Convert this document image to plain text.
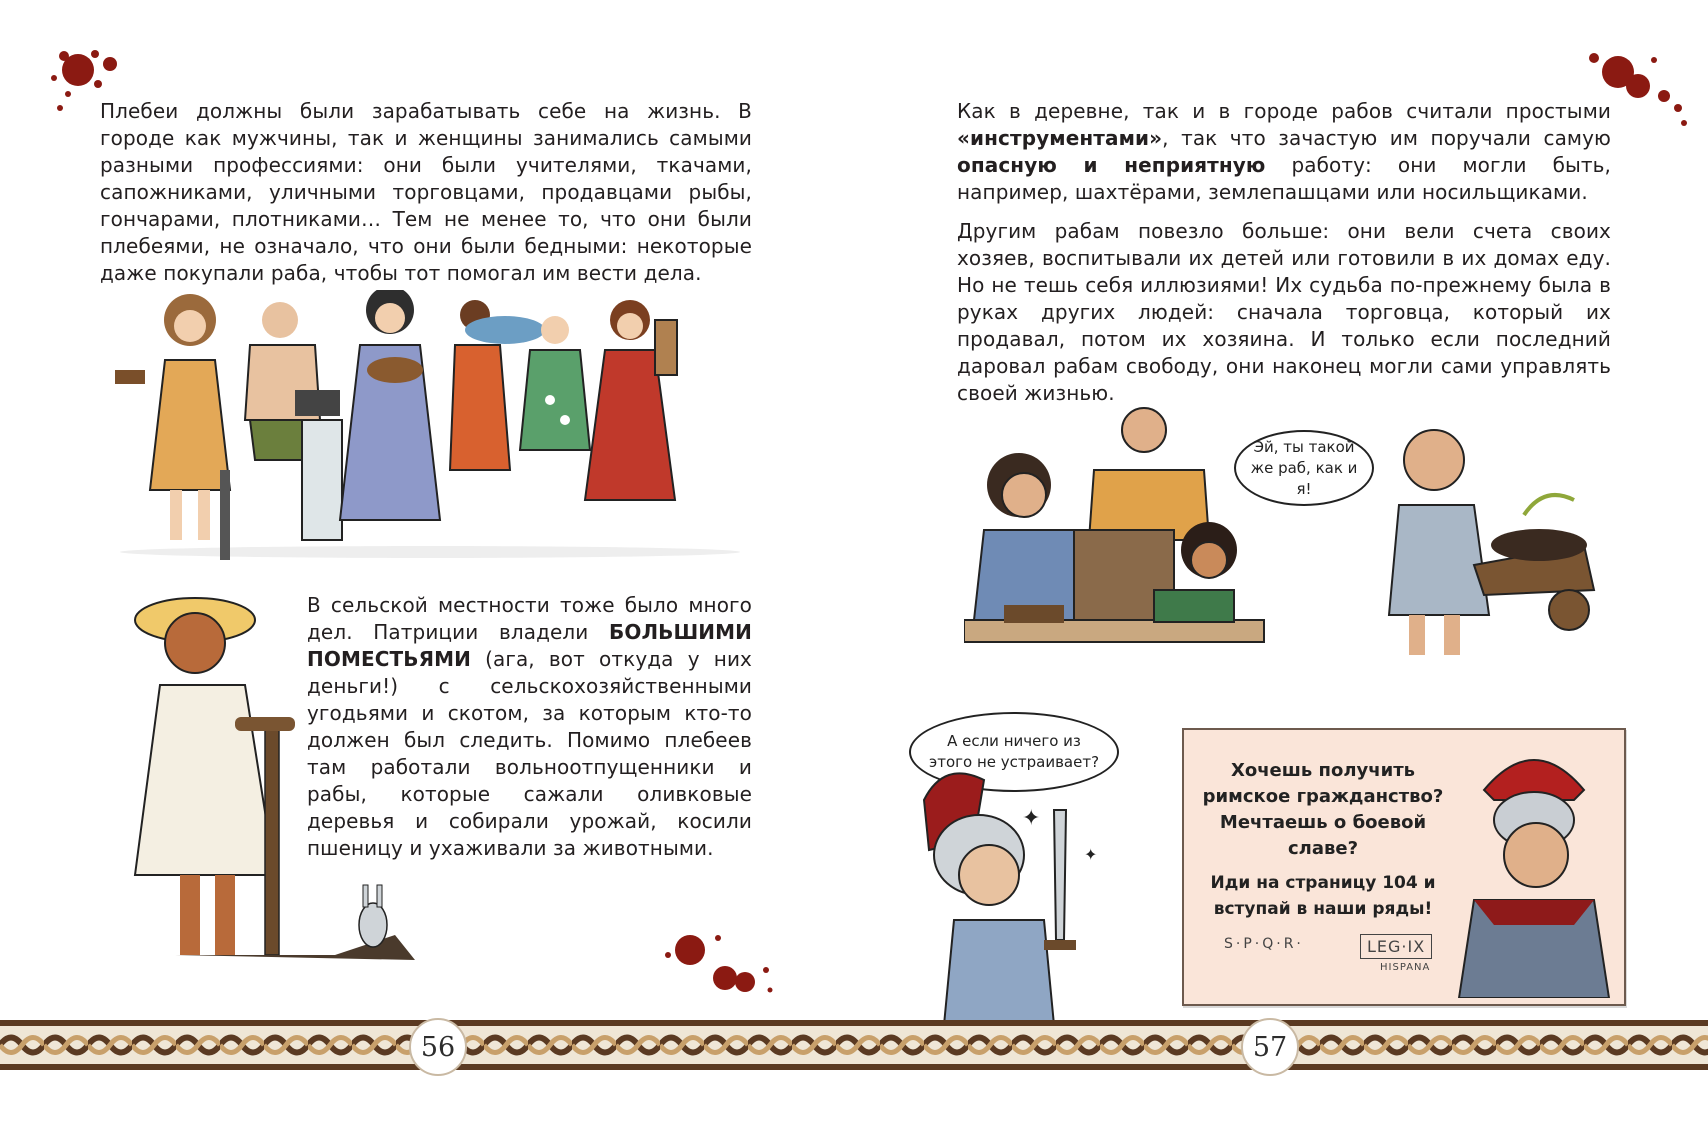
Плебеи должны были зарабатывать себе на жизнь. В городе как мужчины, так и женщины занимались самыми разными профессиями: они были учителями, ткачами, сапожниками, уличными торговцами, продавцами рыбы, гончарами, плотниками… Тем не менее то, что они были плебеями, не означало, что они были бедными: некоторые даже покупали раба, чтобы тот помогал им вести дела.

В сельской местности тоже было много дел. Патриции владели БОЛЬШИМИ ПОМЕСТЬЯМИ (ага, вот откуда у них деньги!) с сельскохозяйственными угодьями и скотом, за которым кто-то должен был следить. Помимо плебеев там работали вольноотпущенники и рабы, которые сажали оливковые деревья и собирали урожай, косили пшеницу и ухаживали за животными.

Как в деревне, так и в городе рабов считали простыми «инструментами», так что зачастую им поручали самую опасную и неприятную работу: они могли быть, например, шахтёрами, землепашцами или носильщиками.

Другим рабам повезло больше: они вели счета своих хозяев, воспитывали их детей или готовили в их домах еду. Но не тешь себя иллюзиями! Их судьба по-прежнему была в руках других людей: сначала торговца, который их продавал, потом их хозяина. И только если последний даровал рабам свободу, они наконец могли сами управлять своей жизнью.

Эй, ты такой же раб, как и я!
А если ничего из этого не устраивает?
✦
✦
Хочешь получить римское гражданство? Мечтаешь о боевой славе?
Иди на страницу 104 и вступай в наши ряды!
S·P·Q·R·	LEG·IX
HISPANA
56	57
